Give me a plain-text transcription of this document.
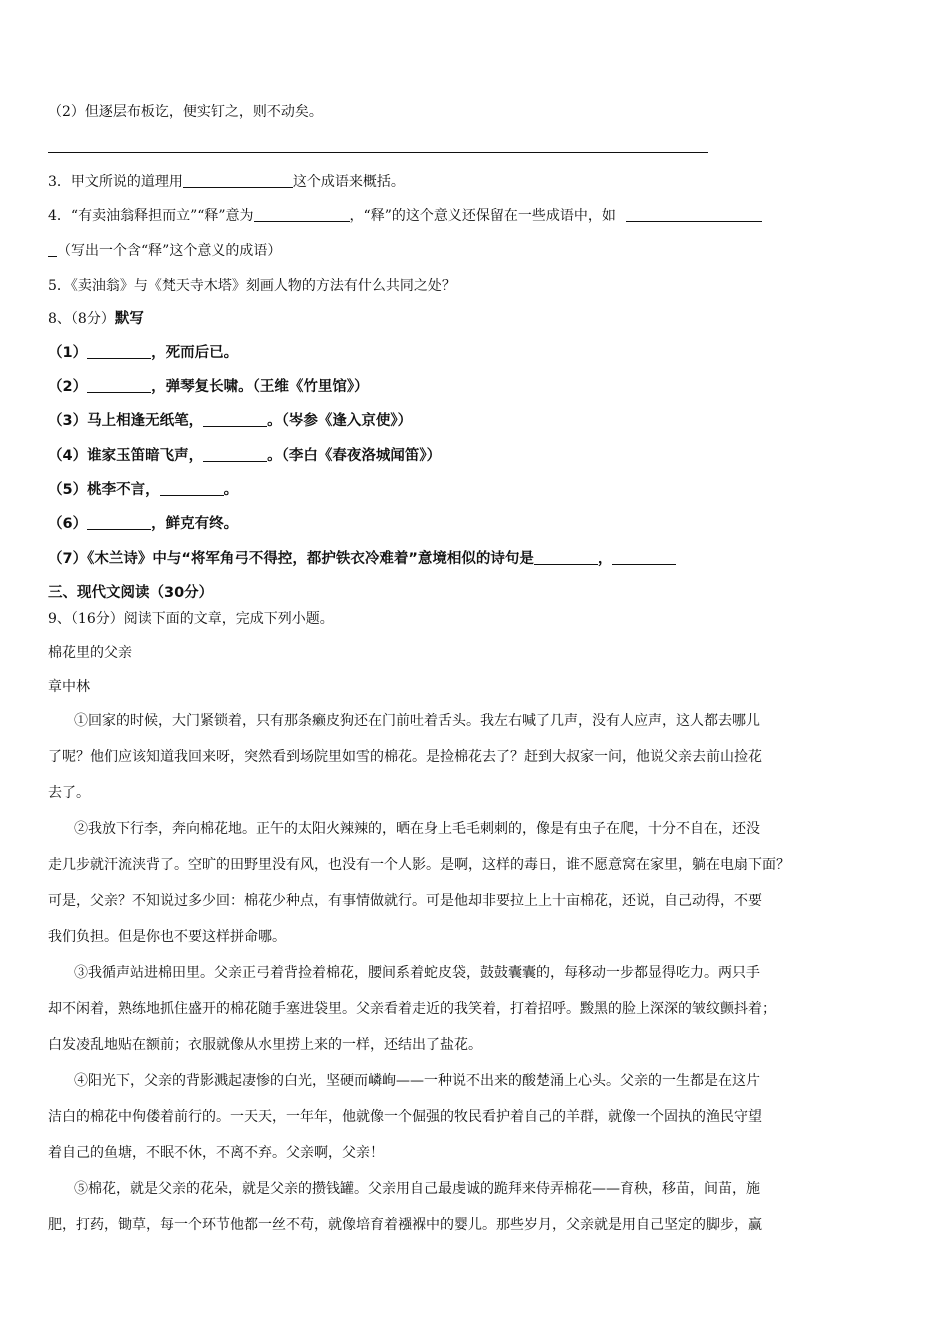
（2）但逐层布板讫，便实钉之，则不动矣。
3．甲文所说的道理用	这个成语来概括。
4．“有卖油翁释担而立”“释”意为	，“释”的这个意义还保留在一些成语中，如
（写出一个含“释”这个意义的成语）
5．《卖油翁》与《梵天寺木塔》刻画人物的方法有什么共同之处？
8、（8分）默写
（1）	，死而后已。
（2）	，弹琴复长啸。（王维《竹里馆》）
（3）马上相逢无纸笔，	。（岑参《逢入京使》）
（4）谁家玉笛暗飞声，	。（李白《春夜洛城闻笛》）
（5）桃李不言，	。
（6）	，鲜克有终。
（7）《木兰诗》中与“将军角弓不得控，都护铁衣冷难着”意境相似的诗句是	，
三、现代文阅读（30分）
9、（16分）阅读下面的文章，完成下列小题。
棉花里的父亲
章中林
①回家的时候，大门紧锁着，只有那条癞皮狗还在门前吐着舌头。我左右喊了几声，没有人应声，这人都去哪儿
了呢？他们应该知道我回来呀，突然看到场院里如雪的棉花。是捡棉花去了？赶到大叔家一问，他说父亲去前山捡花
去了。
②我放下行李，奔向棉花地。正午的太阳火辣辣的，晒在身上毛毛刺刺的，像是有虫子在爬，十分不自在，还没
走几步就汗流浃背了。空旷的田野里没有风，也没有一个人影。是啊，这样的毒日，谁不愿意窝在家里，躺在电扇下面？
可是，父亲？不知说过多少回：棉花少种点，有事情做就行。可是他却非要拉上上十亩棉花，还说，自己动得，不要
我们负担。但是你也不要这样拼命哪。
③我循声站进棉田里。父亲正弓着背捡着棉花，腰间系着蛇皮袋，鼓鼓囊囊的，每移动一步都显得吃力。两只手
却不闲着，熟练地抓住盛开的棉花随手塞进袋里。父亲看着走近的我笑着，打着招呼。黢黑的脸上深深的皱纹颤抖着；
白发凌乱地贴在额前；衣服就像从水里捞上来的一样，还结出了盐花。
④阳光下，父亲的背影溅起凄惨的白光，坚硬而嶙峋——一种说不出来的酸楚涌上心头。父亲的一生都是在这片
洁白的棉花中佝偻着前行的。一天天，一年年，他就像一个倔强的牧民看护着自己的羊群，就像一个固执的渔民守望
着自己的鱼塘，不眠不休，不离不弃。父亲啊，父亲！
⑤棉花，就是父亲的花朵，就是父亲的攒钱罐。父亲用自己最虔诚的跪拜来侍弄棉花——育秧，移苗，间苗，施
肥，打药，锄草，每一个环节他都一丝不苟，就像培育着襁褓中的婴儿。那些岁月，父亲就是用自己坚定的脚步，赢
